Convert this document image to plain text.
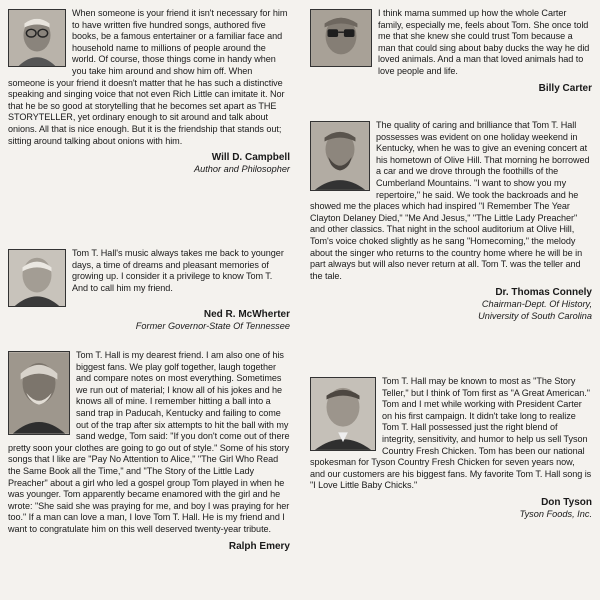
When someone is your friend it isn't necessary for him to have written five hundred songs, authored five books, be a famous entertainer or a familiar face and household name to millions of people around the world. Of course, those things come in handy when you take him around and show him off. When someone is your friend it doesn't matter that he has such a distinctive speaking and singing voice that not even Rich Little can imitate it. Nor that he be so good at storytelling that he becomes set apart as THE STORYTELLER, yet ordinary enough to sit around and talk about onions. All that is nice enough. But it is the friendship that stands out; sitting around talking about onions with him.

Will D. Campbell
Author and Philosopher

Tom T. Hall's music always takes me back to younger days, a time of dreams and pleasant memories of growing up. I consider it a privilege to know Tom T. And to call him my friend.

Ned R. McWherter
Former Governor-State Of Tennessee

Tom T. Hall is my dearest friend. I am also one of his biggest fans. We play golf together, laugh together and compare notes on most everything. Sometimes we run out of material; I know all of his jokes and he knows all of mine. I remember hitting a ball into a sand trap in Paducah, Kentucky and failing to come out of the trap after six attempts to hit the ball with my sand wedge, Tom said: "If you don't come out of there pretty soon your clothes are going to go out of style." Some of his story songs that I like are "Pay No Attention to Alice," "The Girl Who Read the Same Book all the Time," and "The Story of the Little Lady Preacher" about a girl who led a gospel group Tom played in when he was younger. Tom apparently became enamored with the girl and he wrote: "She said she was praying for me, and boy I was praying for her too." If a man can love a man, I love Tom T. Hall. He is my friend and I want to congratulate him on this well deserved twenty-year tribute.

Ralph Emery

I think mama summed up how the whole Carter family, especially me, feels about Tom. She once told me that she knew she could trust Tom because a man that could sing about baby ducks the way he did loved animals. And a man that loved animals had to love people and life.

Billy Carter

The quality of caring and brilliance that Tom T. Hall possesses was evident on one holiday weekend in Kentucky, when he was to give an evening concert at his hometown of Olive Hill. That morning he borrowed a car and we drove through the foothills of the Cumberland Mountains. "I want to show you my repertoire," he said. We took the backroads and he showed me the places which had inspired "I Remember The Year Clayton Delaney Died," "Me And Jesus," "The Little Lady Preacher" and other classics. That night in the school auditorium at Olive Hill, Tom's voice choked slightly as he sang "Homecoming," the melody about the singer who returns to the country home where he will be in part always but will also never return at all. Tom T. was the teller and the tale.

Dr. Thomas Connely
Chairman-Dept. Of History,
University of South Carolina

Tom T. Hall may be known to most as "The Story Teller," but I think of Tom first as "A Great American." Tom and I met while working with President Carter on his first campaign. It didn't take long to realize Tom T. Hall possessed just the right blend of integrity, sensitivity, and humor to help us sell Tyson Country Fresh Chicken. Tom has been our national spokesman for Tyson Country Fresh Chicken for seven years now, and our customers are his biggest fans. My favorite Tom T. Hall song is "I Love Little Baby Chicks."

Don Tyson
Tyson Foods, Inc.
